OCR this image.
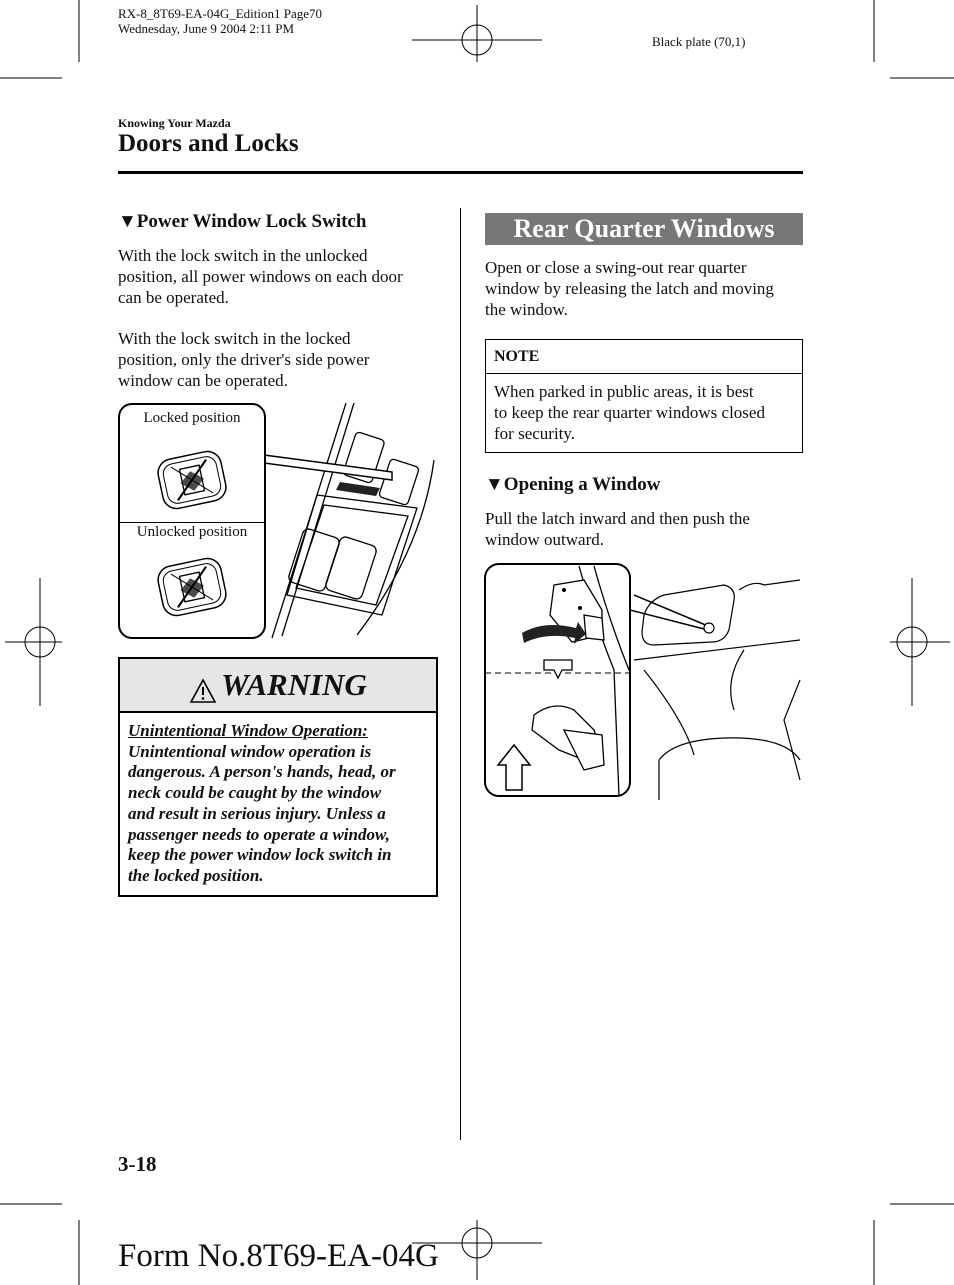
RX-8_8T69-EA-04G_Edition1 Page70
Wednesday, June 9 2004 2:11 PM
Black plate (70,1)
Knowing Your Mazda
Doors and Locks
▼Power Window Lock Switch
With the lock switch in the unlocked
position, all power windows on each door
can be operated.
With the lock switch in the locked
position, only the driver's side power
window can be operated.
Locked position
Unlocked position
WARNING
Unintentional Window Operation:
Unintentional window operation is
dangerous. A person's hands, head, or
neck could be caught by the window
and result in serious injury. Unless a
passenger needs to operate a window,
keep the power window lock switch in
the locked position.
Rear Quarter Windows
Open or close a swing-out rear quarter
window by releasing the latch and moving
the window.
NOTE
When parked in public areas, it is best
to keep the rear quarter windows closed
for security.
▼Opening a Window
Pull the latch inward and then push the
window outward.
3-18
Form No.8T69-EA-04G
